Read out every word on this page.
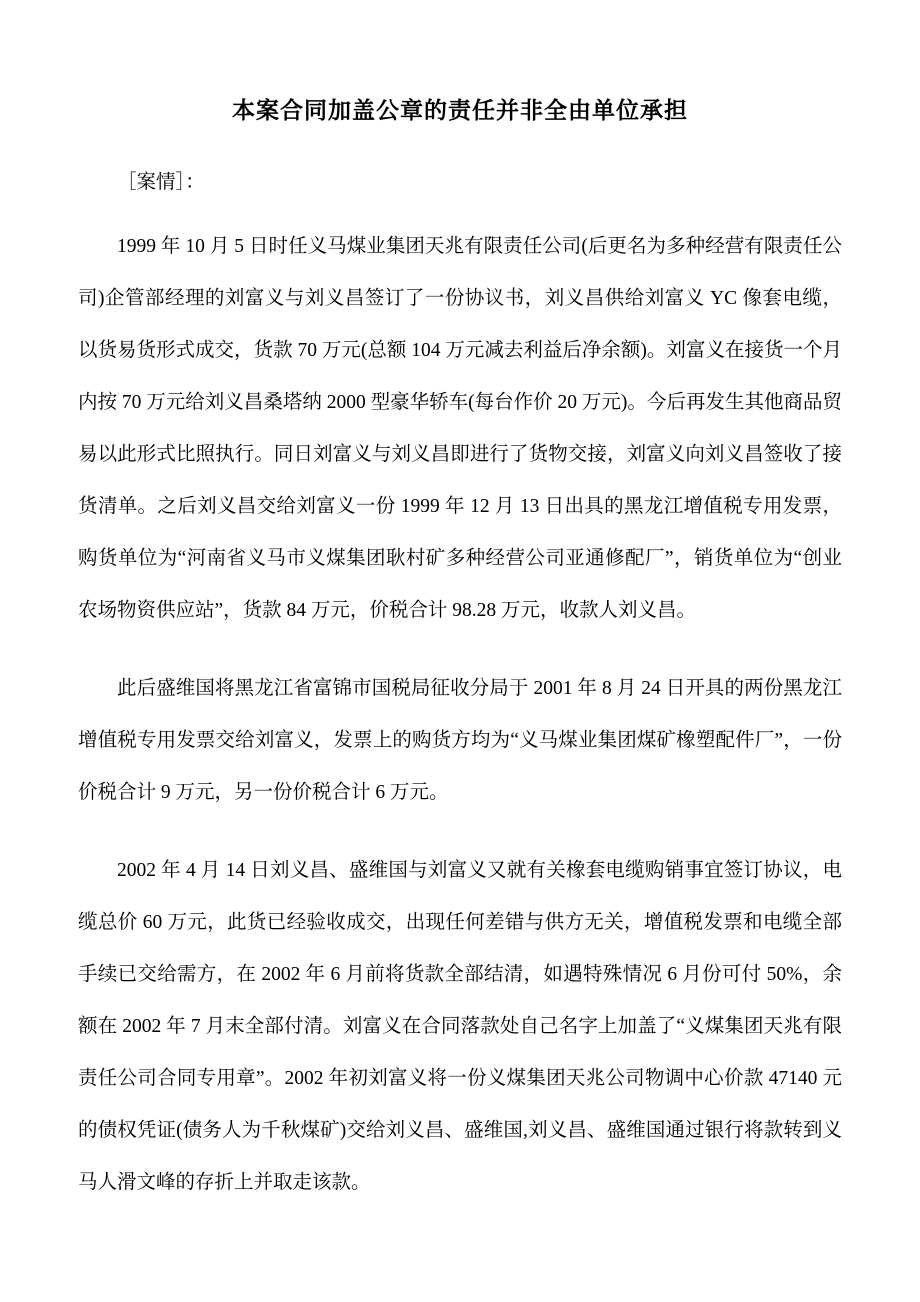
本案合同加盖公章的责任并非全由单位承担

［案情］：

1999 年 10 月 5 日时任义马煤业集团天兆有限责任公司(后更名为多种经营有限责任公司)企管部经理的刘富义与刘义昌签订了一份协议书，刘义昌供给刘富义 YC 像套电缆，以货易货形式成交，货款 70 万元(总额 104 万元减去利益后净余额)。刘富义在接货一个月内按 70 万元给刘义昌桑塔纳 2000 型豪华轿车(每台作价 20 万元)。今后再发生其他商品贸易以此形式比照执行。同日刘富义与刘义昌即进行了货物交接，刘富义向刘义昌签收了接货清单。之后刘义昌交给刘富义一份 1999 年 12 月 13 日出具的黑龙江增值税专用发票，购货单位为“河南省义马市义煤集团耿村矿多种经营公司亚通修配厂”，销货单位为“创业农场物资供应站”，货款 84 万元，价税合计 98.28 万元，收款人刘义昌。

此后盛维国将黑龙江省富锦市国税局征收分局于 2001 年 8 月 24 日开具的两份黑龙江增值税专用发票交给刘富义，发票上的购货方均为“义马煤业集团煤矿橡塑配件厂”，一份价税合计 9 万元，另一份价税合计 6 万元。

2002 年 4 月 14 日刘义昌、盛维国与刘富义又就有关橡套电缆购销事宜签订协议，电缆总价 60 万元，此货已经验收成交，出现任何差错与供方无关，增值税发票和电缆全部手续已交给需方，在 2002 年 6 月前将货款全部结清，如遇特殊情况 6 月份可付 50%，余额在 2002 年 7 月末全部付清。刘富义在合同落款处自己名字上加盖了“义煤集团天兆有限责任公司合同专用章”。2002 年初刘富义将一份义煤集团天兆公司物调中心价款 47140 元的债权凭证(债务人为千秋煤矿)交给刘义昌、盛维国,刘义昌、盛维国通过银行将款转到义马人滑文峰的存折上并取走该款。
